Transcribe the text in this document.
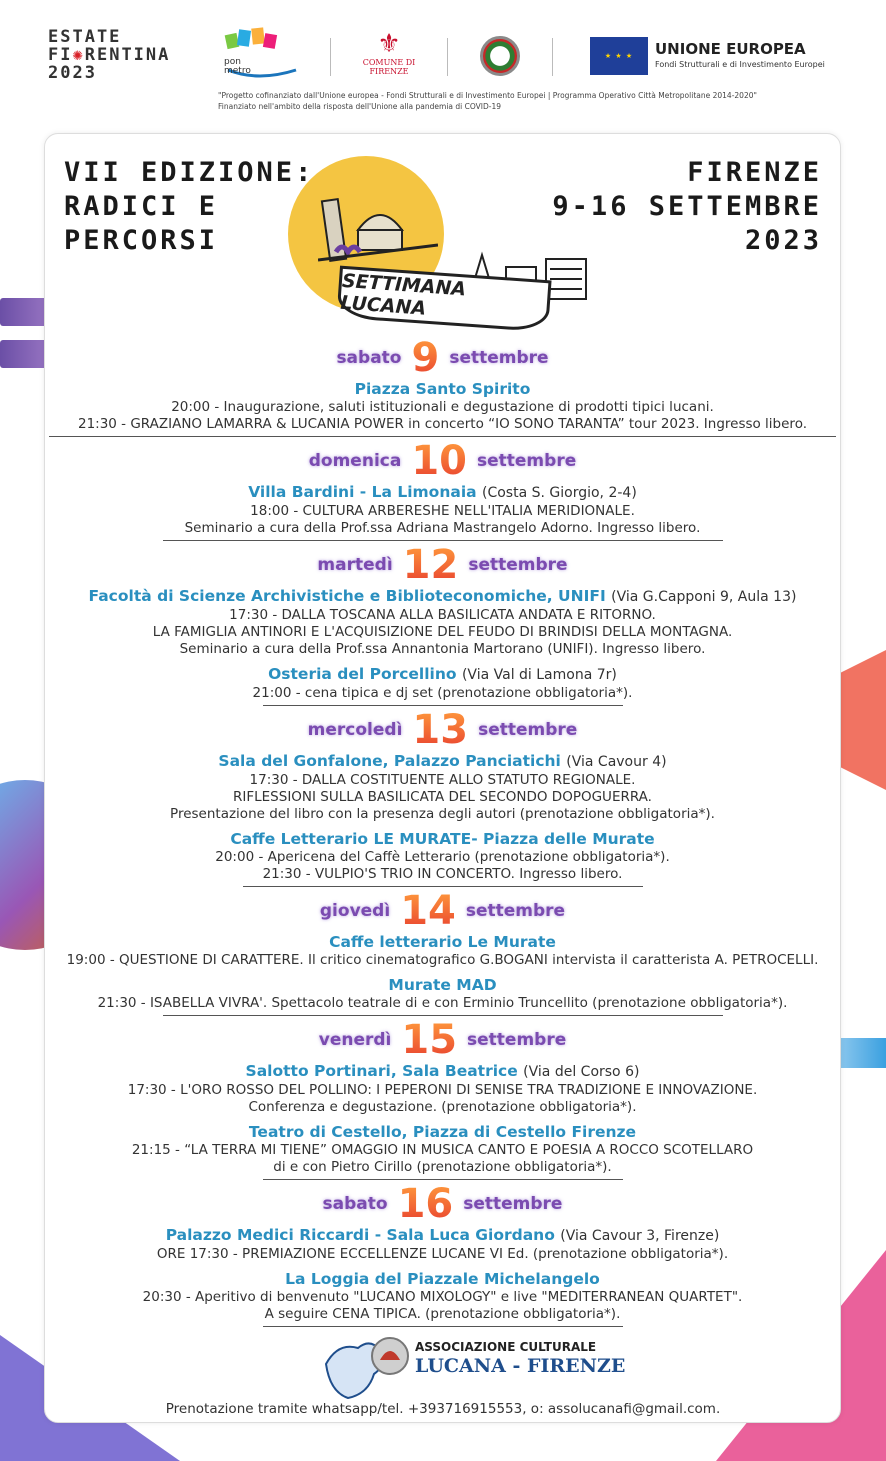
ESTATE
FI✺RENTINA
2023
pon
metro
⚜
COMUNE DI FIRENZE
★ ★ ★	UNIONE EUROPEA
Fondi Strutturali e di Investimento Europei
"Progetto cofinanziato dall'Unione europea - Fondi Strutturali e di Investimento Europei | Programma Operativo Città Metropolitane 2014-2020"
Finanziato nell'ambito della risposta dell'Unione alla pandemia di COVID-19
VII EDIZIONE:
RADICI E
PERCORSI
FIRENZE
9-16 SETTEMBRE
2023
SETTIMANA LUCANA
sabato 9 settembre
Piazza Santo Spirito
20:00 - Inaugurazione, saluti istituzionali e degustazione di prodotti tipici lucani.
21:30 - GRAZIANO LAMARRA & LUCANIA POWER in concerto “IO SONO TARANTA” tour 2023. Ingresso libero.
domenica 10 settembre
Villa Bardini - La Limonaia (Costa S. Giorgio, 2-4)
18:00 - CULTURA ARBERESHE NELL'ITALIA MERIDIONALE.
Seminario a cura della Prof.ssa Adriana Mastrangelo Adorno. Ingresso libero.
martedì 12 settembre
Facoltà di Scienze Archivistiche e Biblioteconomiche, UNIFI (Via G.Capponi 9, Aula 13)
17:30 - DALLA TOSCANA ALLA BASILICATA ANDATA E RITORNO.
LA FAMIGLIA ANTINORI E L'ACQUISIZIONE DEL FEUDO DI BRINDISI DELLA MONTAGNA.
Seminario a cura della Prof.ssa Annantonia Martorano (UNIFI). Ingresso libero.
Osteria del Porcellino (Via Val di Lamona 7r)
21:00 - cena tipica e dj set (prenotazione obbligatoria*).
mercoledì 13 settembre
Sala del Gonfalone, Palazzo Panciatichi (Via Cavour 4)
17:30 - DALLA COSTITUENTE ALLO STATUTO REGIONALE.
RIFLESSIONI SULLA BASILICATA DEL SECONDO DOPOGUERRA.
Presentazione del libro con la presenza degli autori (prenotazione obbligatoria*).
Caffe Letterario LE MURATE- Piazza delle Murate
20:00 - Apericena del Caffè Letterario (prenotazione obbligatoria*).
21:30 - VULPIO'S TRIO IN CONCERTO. Ingresso libero.
giovedì 14 settembre
Caffe letterario Le Murate
19:00 - QUESTIONE DI CARATTERE. Il critico cinematografico G.BOGANI intervista il caratterista A. PETROCELLI.
Murate MAD
21:30 - ISABELLA VIVRA'. Spettacolo teatrale di e con Erminio Truncellito (prenotazione obbligatoria*).
venerdì 15 settembre
Salotto Portinari, Sala Beatrice (Via del Corso 6)
17:30 - L'ORO ROSSO DEL POLLINO: I PEPERONI DI SENISE TRA TRADIZIONE E INNOVAZIONE.
Conferenza e degustazione. (prenotazione obbligatoria*).
Teatro di Cestello, Piazza di Cestello Firenze
21:15 - “LA TERRA MI TIENE” OMAGGIO IN MUSICA CANTO E POESIA A ROCCO SCOTELLARO
di e con Pietro Cirillo (prenotazione obbligatoria*).
sabato 16 settembre
Palazzo Medici Riccardi - Sala Luca Giordano (Via Cavour 3, Firenze)
ORE 17:30 - PREMIAZIONE ECCELLENZE LUCANE VI Ed. (prenotazione obbligatoria*).
La Loggia del Piazzale Michelangelo
20:30 - Aperitivo di benvenuto "LUCANO MIXOLOGY" e live "MEDITERRANEAN QUARTET".
A seguire CENA TIPICA. (prenotazione obbligatoria*).
ASSOCIAZIONE CULTURALE
LUCANA - FIRENZE
Prenotazione tramite whatsapp/tel. +393716915553, o: assolucanafi@gmail.com.
